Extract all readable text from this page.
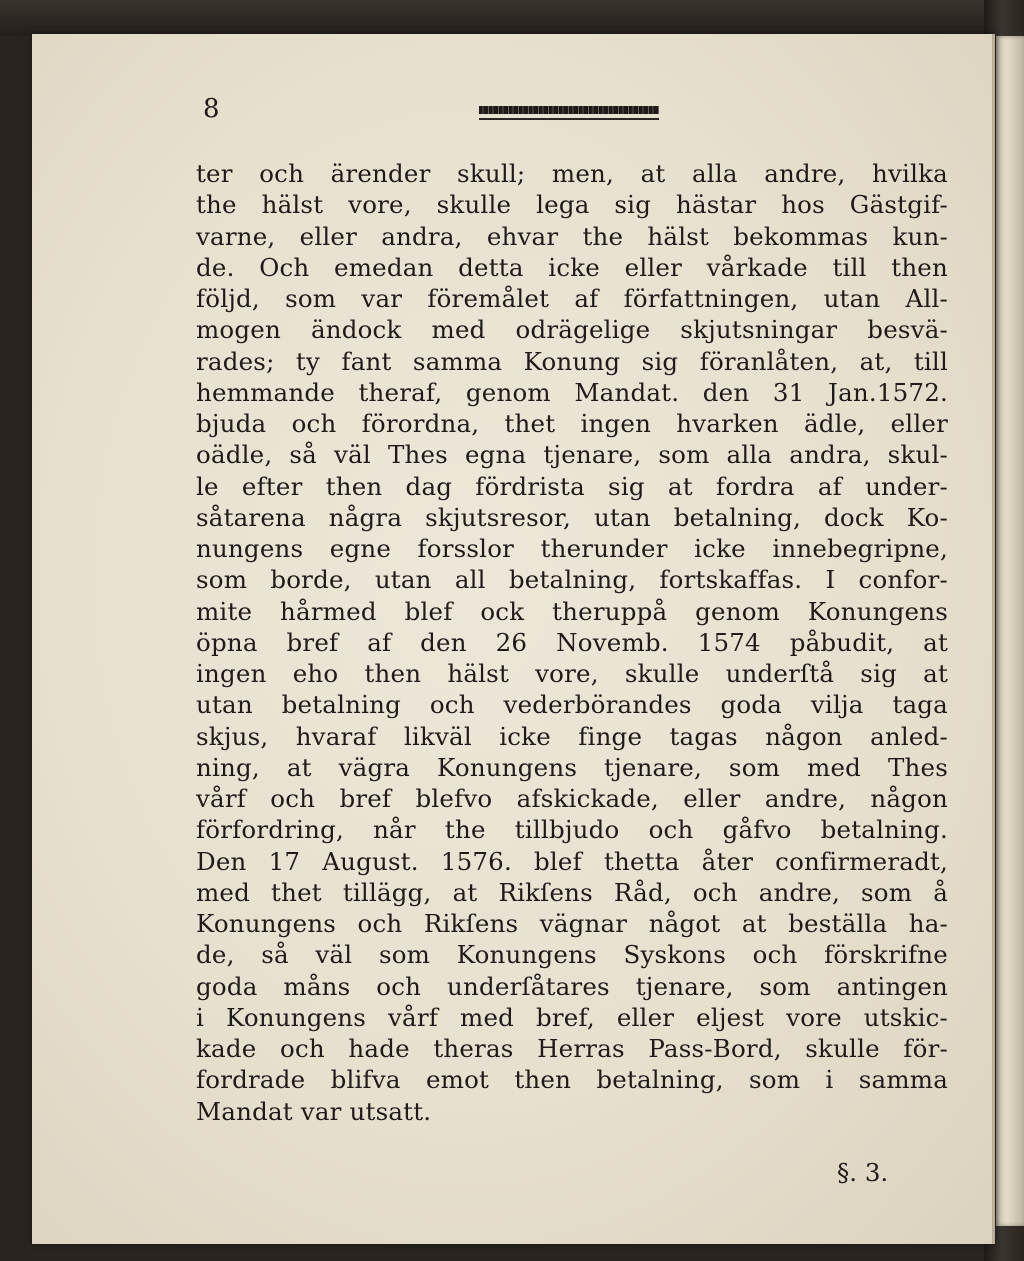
8
ter och ärender skull; men, at alla andre, hvilka
the hälst vore, skulle lega sig hästar hos Gästgif-
varne, eller andra, ehvar the hälst bekommas kun-
de. Och emedan detta icke eller vårkade till then
följd, som var föremålet af författningen, utan All-
mogen ändock med odrägelige skjutsningar besvä-
rades; ty fant samma Konung sig föranlåten, at, till
hemmande theraf, genom Mandat. den 31 Jan.1572.
bjuda och förordna, thet ingen hvarken ädle, eller
oädle, så väl Thes egna tjenare, som alla andra, skul-
le efter then dag fördrista sig at fordra af under-
såtarena några skjutsresor, utan betalning, dock Ko-
nungens egne forsslor therunder icke innebegripne,
som borde, utan all betalning, fortskaffas. I confor-
mite hårmed blef ock theruppå genom Konungens
öpna bref af den 26 Novemb. 1574 påbudit, at
ingen eho then hälst vore, skulle underſtå sig at
utan betalning och vederbörandes goda vilja taga
skjus, hvaraf likväl icke finge tagas någon anled-
ning, at vägra Konungens tjenare, som med Thes
vårf och bref blefvo afskickade, eller andre, någon
förfordring, når the tillbjudo och gåfvo betalning.
Den 17 August. 1576. blef thetta åter confirmeradt,
med thet tillägg, at Rikſens Råd, och andre, som å
Konungens och Rikſens vägnar något at beställa ha-
de, så väl som Konungens Syskons och förskrifne
goda måns och underſåtares tjenare, som antingen
i Konungens vårf med bref, eller eljest vore utskic-
kade och hade theras Herras Pass-Bord, skulle för-
fordrade blifva emot then betalning, som i samma
Mandat var utsatt.
§. 3.
